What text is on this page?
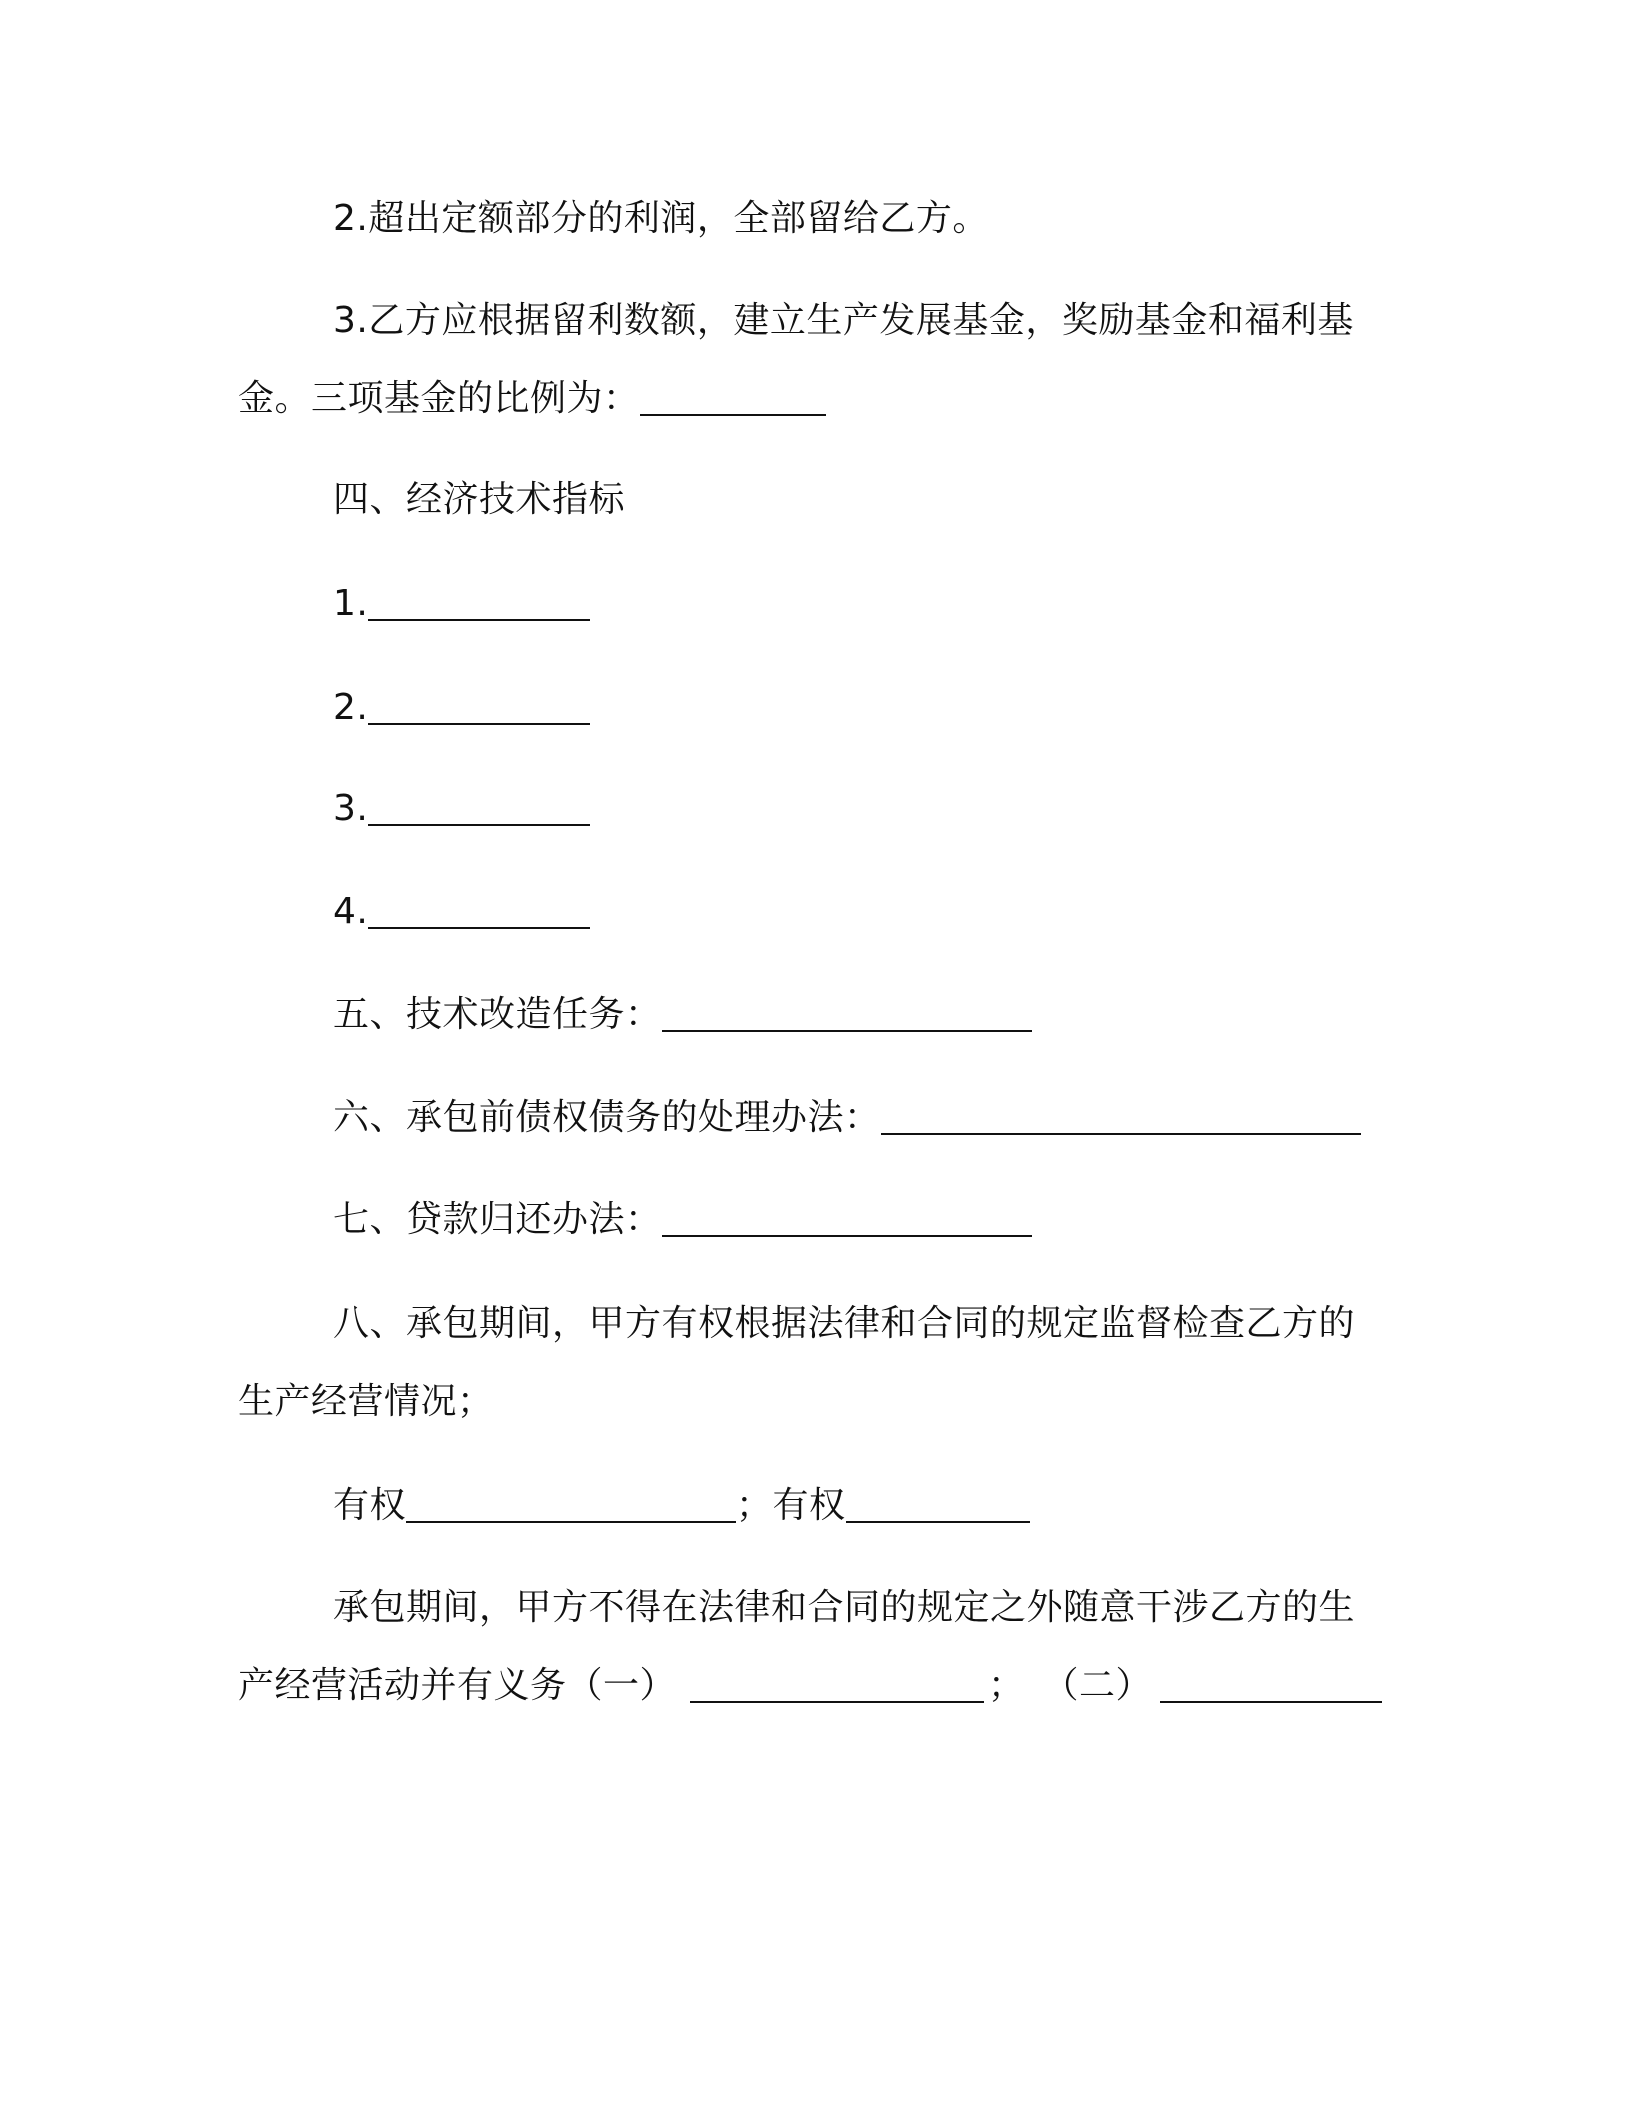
2.超出定额部分的利润，全部留给乙方。
3.乙方应根据留利数额，建立生产发展基金，奖励基金和福利基
金。三项基金的比例为：
四、经济技术指标
1.
2.
3.
4.
五、技术改造任务：
六、承包前债权债务的处理办法：
七、贷款归还办法：
八、承包期间，甲方有权根据法律和合同的规定监督检查乙方的
生产经营情况；
有权	；有权
承包期间，甲方不得在法律和合同的规定之外随意干涉乙方的生
产经营活动并有义务（一）	； （二）
